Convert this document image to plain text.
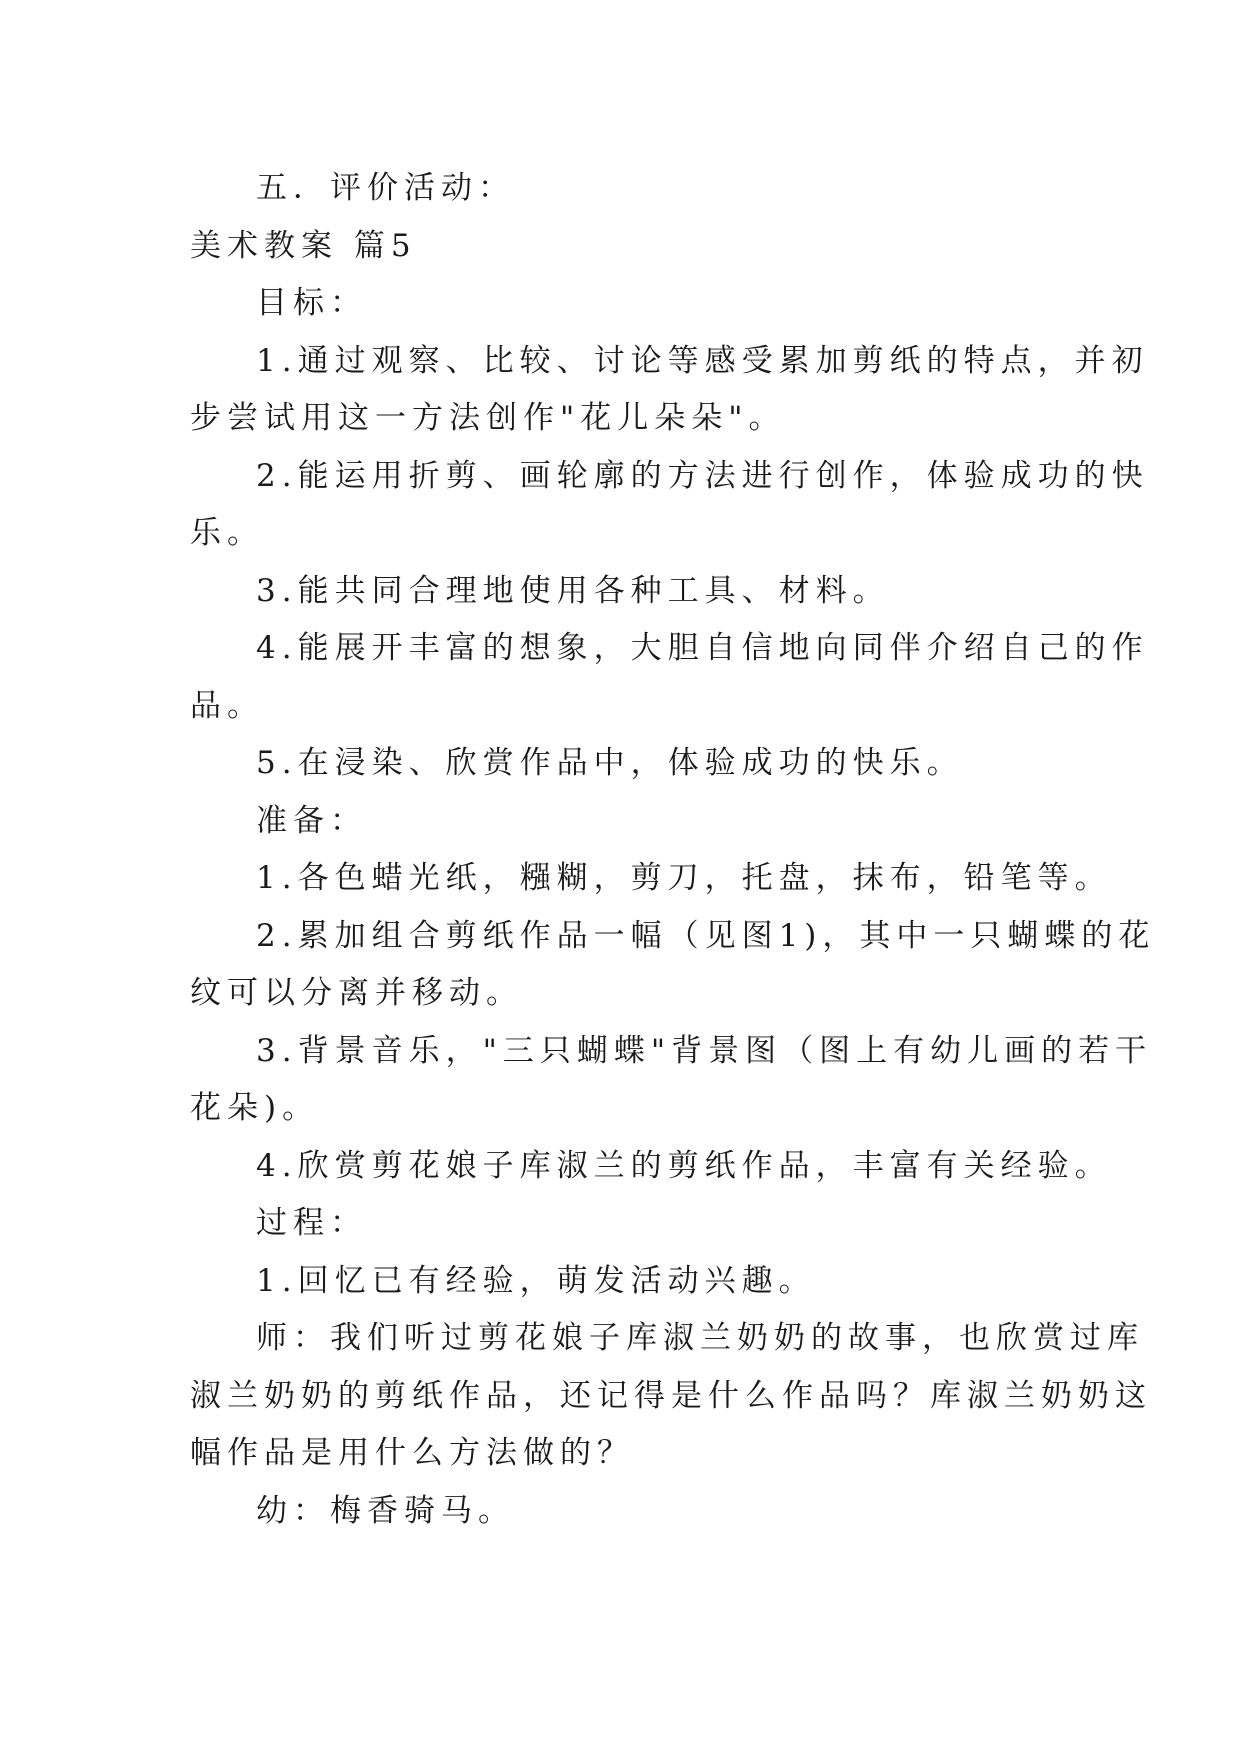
五．评价活动：
美术教案 篇5
目标：
1.通过观察、比较、讨论等感受累加剪纸的特点，并初
步尝试用这一方法创作"花儿朵朵"。
2.能运用折剪、画轮廓的方法进行创作，体验成功的快
乐。
3.能共同合理地使用各种工具、材料。
4.能展开丰富的想象，大胆自信地向同伴介绍自己的作
品。
5.在浸染、欣赏作品中，体验成功的快乐。
准备：
1.各色蜡光纸，糨糊，剪刀，托盘，抹布，铅笔等。
2.累加组合剪纸作品一幅（见图1)，其中一只蝴蝶的花
纹可以分离并移动。
3.背景音乐，"三只蝴蝶"背景图（图上有幼儿画的若干
花朵)。
4.欣赏剪花娘子库淑兰的剪纸作品，丰富有关经验。
过程：
1.回忆已有经验，萌发活动兴趣。
师：我们听过剪花娘子库淑兰奶奶的故事，也欣赏过库
淑兰奶奶的剪纸作品，还记得是什么作品吗？库淑兰奶奶这
幅作品是用什么方法做的？
幼：梅香骑马。
